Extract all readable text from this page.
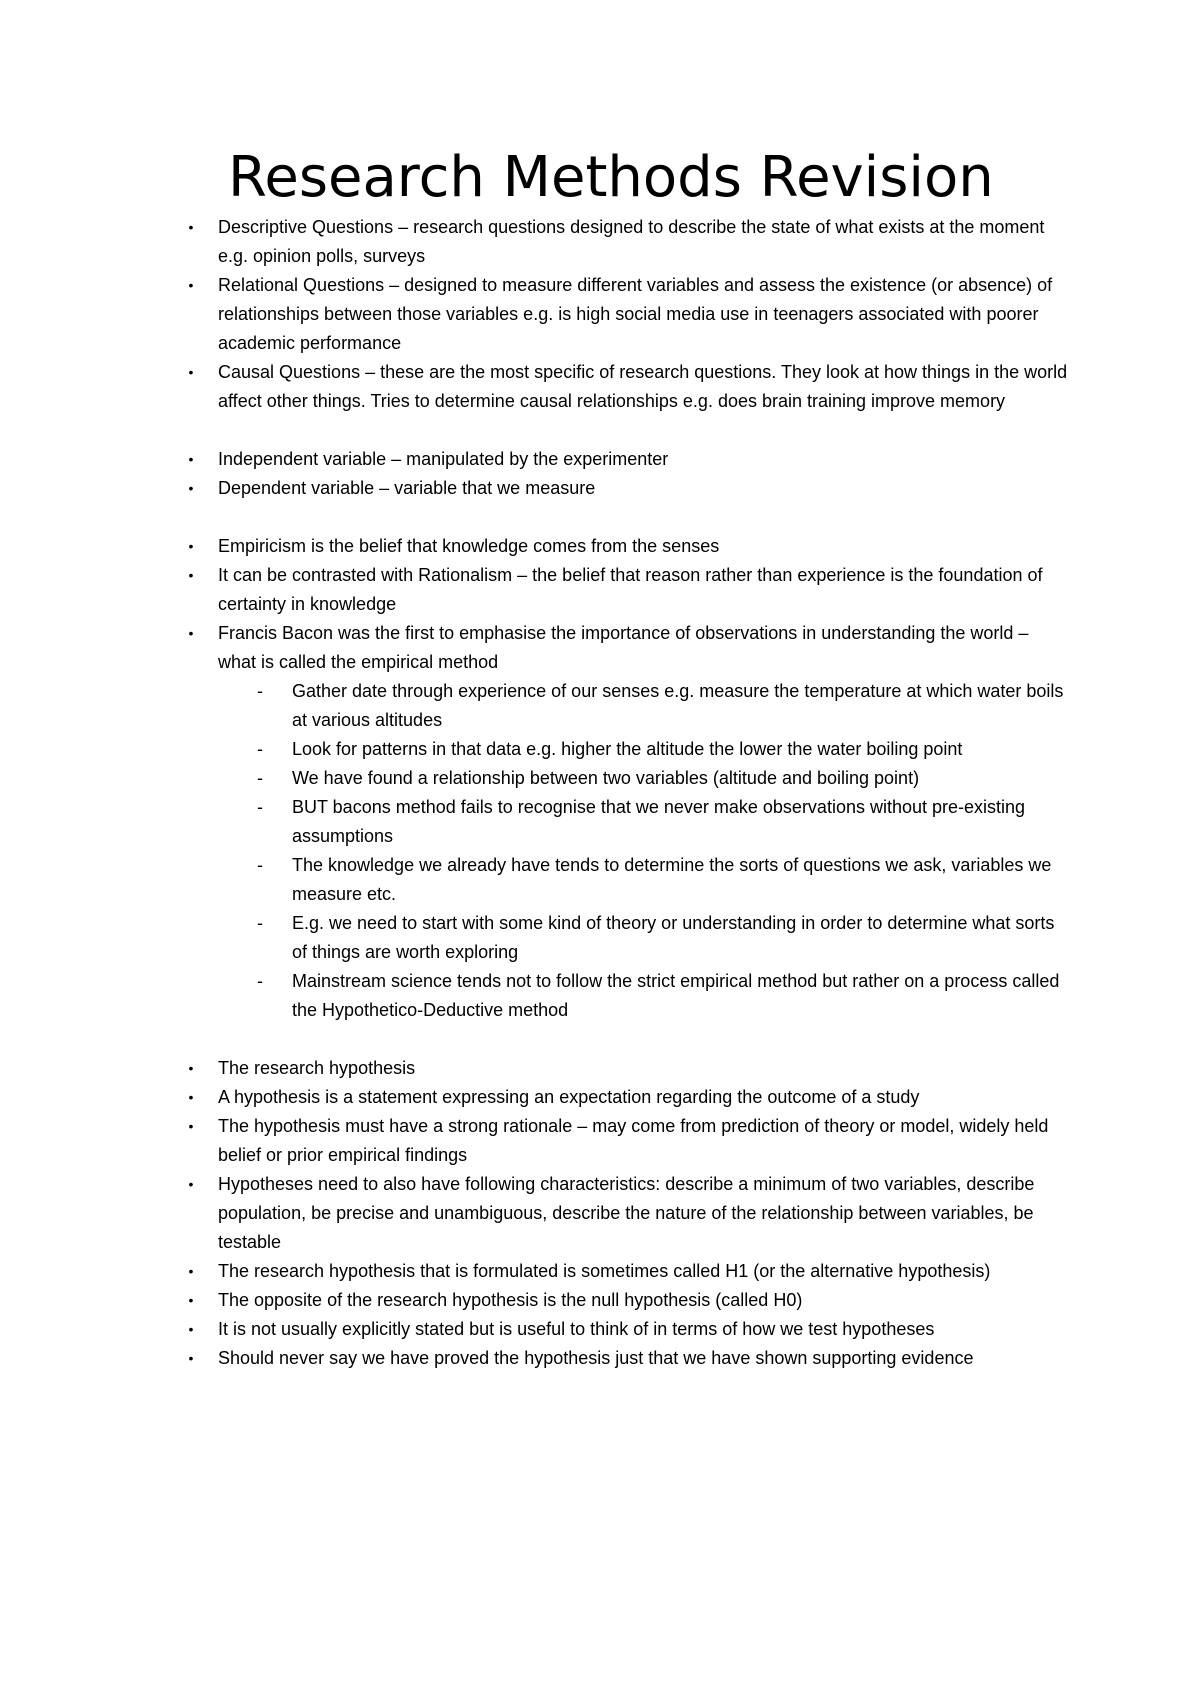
Research Methods Revision
• Descriptive Questions – research questions designed to describe the state of what exists at the moment e.g. opinion polls, surveys
• Relational Questions – designed to measure different variables and assess the existence (or absence) of relationships between those variables e.g. is high social media use in teenagers associated with poorer academic performance
• Causal Questions – these are the most specific of research questions. They look at how things in the world affect other things. Tries to determine causal relationships e.g. does brain training improve memory
• Independent variable – manipulated by the experimenter
• Dependent variable – variable that we measure
• Empiricism is the belief that knowledge comes from the senses
• It can be contrasted with Rationalism – the belief that reason rather than experience is the foundation of certainty in knowledge
• Francis Bacon was the first to emphasise the importance of observations in understanding the world – what is called the empirical method
- Gather date through experience of our senses e.g. measure the temperature at which water boils at various altitudes
- Look for patterns in that data e.g. higher the altitude the lower the water boiling point
- We have found a relationship between two variables (altitude and boiling point)
- BUT bacons method fails to recognise that we never make observations without pre-existing assumptions
- The knowledge we already have tends to determine the sorts of questions we ask, variables we measure etc.
- E.g. we need to start with some kind of theory or understanding in order to determine what sorts of things are worth exploring
- Mainstream science tends not to follow the strict empirical method but rather on a process called the Hypothetico-Deductive method
• The research hypothesis
• A hypothesis is a statement expressing an expectation regarding the outcome of a study
• The hypothesis must have a strong rationale – may come from prediction of theory or model, widely held belief or prior empirical findings
• Hypotheses need to also have following characteristics: describe a minimum of two variables, describe population, be precise and unambiguous, describe the nature of the relationship between variables, be testable
• The research hypothesis that is formulated is sometimes called H1 (or the alternative hypothesis)
• The opposite of the research hypothesis is the null hypothesis (called H0)
• It is not usually explicitly stated but is useful to think of in terms of how we test hypotheses
• Should never say we have proved the hypothesis just that we have shown supporting evidence
